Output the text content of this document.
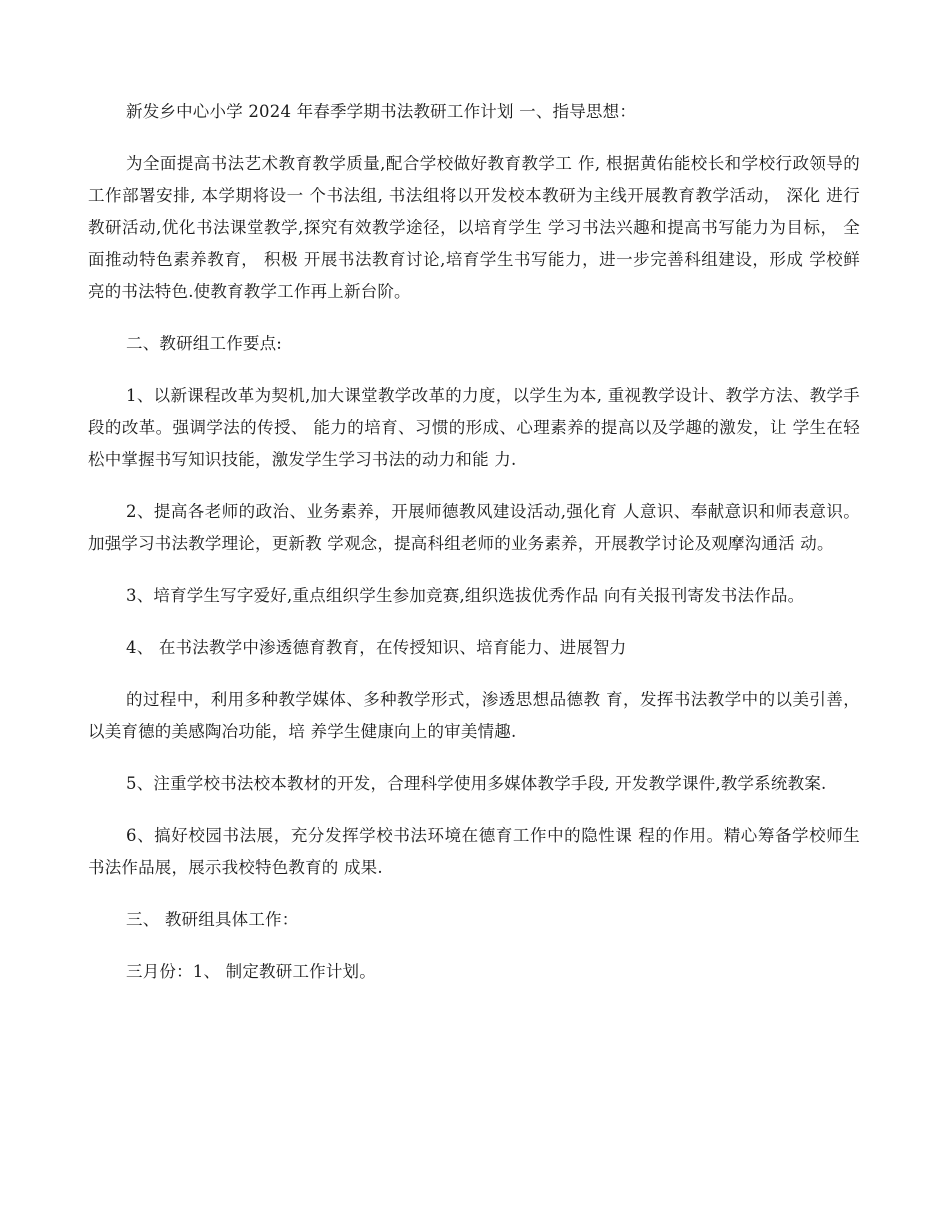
新发乡中心小学 2024 年春季学期书法教研工作计划 一、指导思想：

为全面提高书法艺术教育教学质量,配合学校做好教育教学工 作, 根据黄佑能校长和学校行政领导的工作部署安排, 本学期将设一 个书法组, 书法组将以开发校本教研为主线开展教育教学活动， 深化 进行教研活动,优化书法课堂教学,探究有效教学途径，以培育学生 学习书法兴趣和提高书写能力为目标， 全面推动特色素养教育， 积极 开展书法教育讨论,培育学生书写能力，进一步完善科组建设，形成 学校鲜亮的书法特色.使教育教学工作再上新台阶。

二、教研组工作要点:

1、以新课程改革为契机,加大课堂教学改革的力度，以学生为本, 重视教学设计、教学方法、教学手段的改革。强调学法的传授、 能力的培育、习惯的形成、心理素养的提高以及学趣的激发，让 学生在轻松中掌握书写知识技能，激发学生学习书法的动力和能 力.

2、提高各老师的政治、业务素养，开展师德教风建设活动,强化育 人意识、奉献意识和师表意识。加强学习书法教学理论，更新教 学观念，提高科组老师的业务素养，开展教学讨论及观摩沟通活 动。

3、培育学生写字爱好,重点组织学生参加竞赛,组织选拔优秀作品 向有关报刊寄发书法作品。

4、 在书法教学中渗透德育教育，在传授知识、培育能力、进展智力

的过程中，利用多种教学媒体、多种教学形式，渗透思想品德教 育，发挥书法教学中的以美引善，以美育德的美感陶冶功能，培 养学生健康向上的审美情趣.

5、注重学校书法校本教材的开发，合理科学使用多媒体教学手段, 开发教学课件,教学系统教案.

6、搞好校园书法展，充分发挥学校书法环境在德育工作中的隐性课 程的作用。精心筹备学校师生书法作品展，展示我校特色教育的 成果.

三、 教研组具体工作：

三月份：1、 制定教研工作计划。
